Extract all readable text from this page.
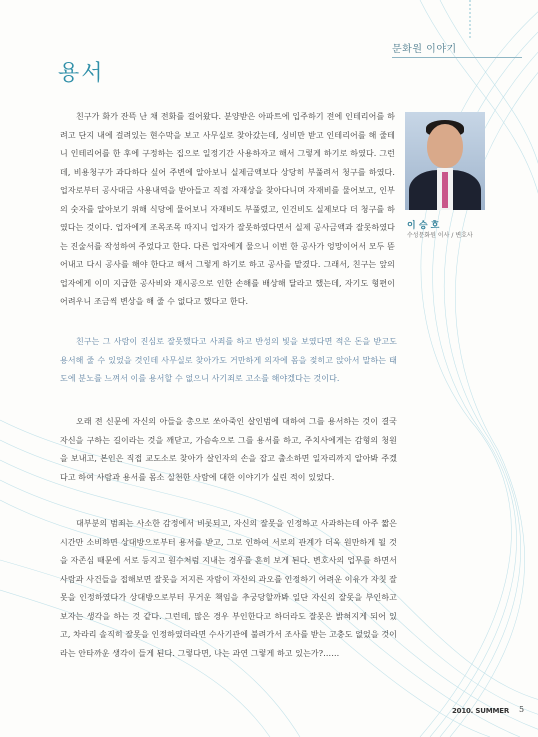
문화원 이야기
용서
이 승 호
수성문화원 이사 / 변호사

친구가 화가 잔뜩 난 채 전화를 걸어왔다. 분양받은 아파트에 입주하기 전에 인테리어를 하려고 단지 내에 걸려있는 현수막을 보고 사무실로 찾아갔는데, 싱비만 받고 인테리어를 해 줄테니 인테리어를 한 후에 구정하는 집으로 일정기간 사용하자고 해서 그렇게 하기로 하였다. 그런데, 비용청구가 과다하다 싶어 주변에 알아보니 실제금액보다 상당히 부풀려서 청구를 하였다. 업자로부터 공사대금 사용내역을 받아들고 직접 자재상을 찾아다니며 자재비를 물어보고, 인부의 숫자를 알아보기 위해 식당에 물어보니 자재비도 부풀렸고, 인건비도 실제보다 더 청구를 하였다는 것이다. 업자에게 조목조목 따지니 업자가 잘못하였다면서 실제 공사금액과 잘못하였다는 진술서를 작성하여 주었다고 한다. 다른 업자에게 물으니 이번 한 공사가 엉망이어서 모두 뜯어내고 다시 공사를 해야 한다고 해서 그렇게 하기로 하고 공사를 맡겼다. 그래서, 친구는 앞의 업자에게 이미 지급한 공사비와 재시공으로 인한 손해를 배상해 달라고 했는데, 자기도 형편이 어려우니 조금씩 변상을 해 줄 수 없다고 했다고 한다.

친구는 그 사람이 진심로 잘못했다고 사죄를 하고 반성의 빛을 보였다면 적은 돈을 받고도 용서해 줄 수 있었을 것인데 사무실로 찾아가도 거만하게 의자에 몸을 젖히고 앉아서 말하는 태도에 분노를 느껴서 이를 용서할 수 없으니 사기죄로 고소를 해야겠다는 것이다.

오래 전 신문에 자신의 아들을 총으로 쏘아죽인 살인범에 대하여 그를 용서하는 것이 결국 자신을 구하는 길이라는 것을 깨닫고, 가슴속으로 그를 용서를 하고, 주치사에게는 감형의 청원을 보내고, 본인은 직접 교도소로 찾아가 살인자의 손을 잡고 출소하면 일자리까지 알아봐 주겠다고 하여 사람과 용서를 몸소 실천한 사람에 대한 이야기가 실린 적이 있었다.

대부분의 범죄는 사소한 감정에서 비롯되고, 자신의 잘못을 인정하고 사과하는데 아주 짧은 시간만 소비하면 상대방으로부터 용서를 받고, 그로 인하여 서로의 관계가 더욱 원만하게 될 것을 자존심 때문에 서로 등지고 원수처럼 지내는 경우를 흔히 보게 된다. 변호사의 업무를 하면서 사람과 사건들을 접해보면 잘못을 저지른 자람이 자신의 과오를 인정하기 어려운 이유가 자칫 잘못을 인정하였다가 상대방으로부터 무거운 책임을 추궁당할까봐 일단 자신의 잘못을 부인하고 보자는 생각을 하는 것 같다. 그런데, 많은 경우 부인한다고 하더라도 잘못은 밝혀지게 되어 있고, 차라리 솔직히 잘못을 인정하였더라면 수사기관에 불려가서 조사를 받는 고충도 없었을 것이라는 안타까운 생각이 들게 된다. 그렇다면, 나는 과연 그렇게 하고 있는가?……

2010. SUMMER 5
